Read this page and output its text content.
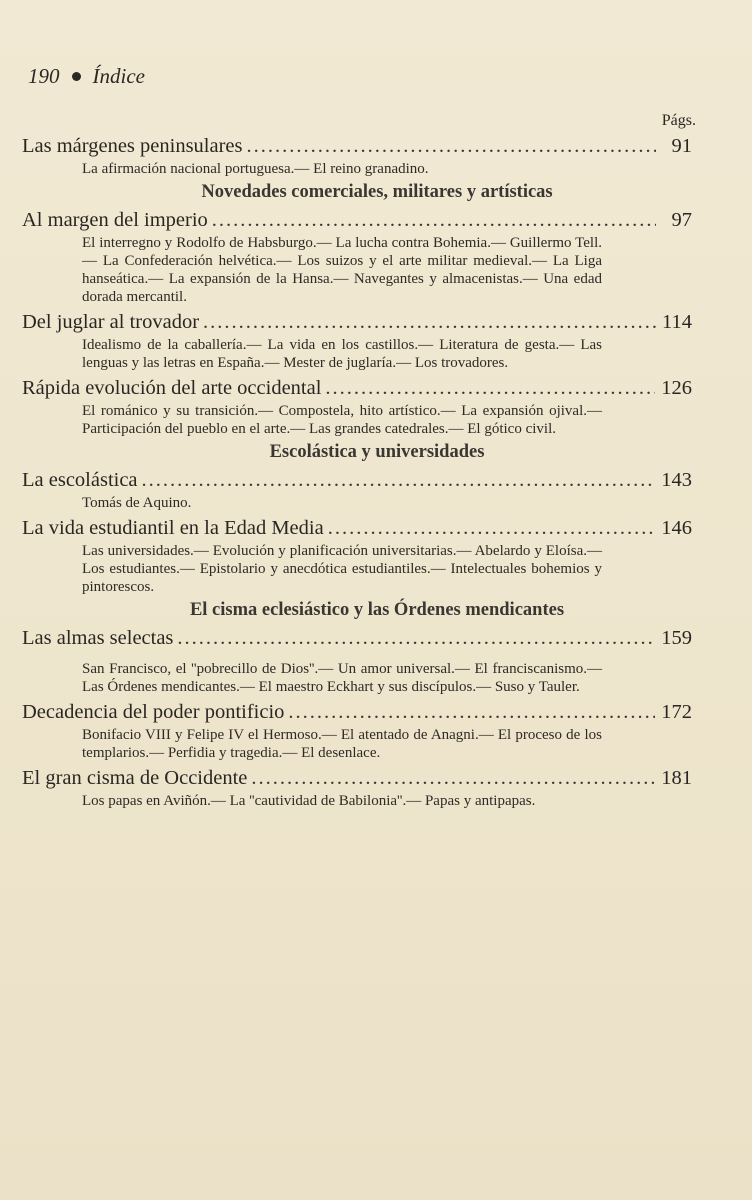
190 Índice
Págs.
Las márgenes peninsulares .....	91
La afirmación nacional portuguesa.— El reino granadino.
Novedades comerciales, militares y artísticas
Al margen del imperio .....	97
El interregno y Rodolfo de Habsburgo.— La lucha contra Bohemia.— Guillermo Tell.— La Confederación helvética.— Los suizos y el arte militar medieval.— La Liga hanseática.— La expansión de la Hansa.— Navegantes y almacenistas.— Una edad dorada mercantil.
Del juglar al trovador .....	114
Idealismo de la caballería.— La vida en los castillos.— Literatura de gesta.— Las lenguas y las letras en España.— Mester de juglaría.— Los trovadores.
Rápida evolución del arte occidental .....	126
El románico y su transición.— Compostela, hito artístico.— La expansión ojival.— Participación del pueblo en el arte.— Las grandes catedrales.— El gótico civil.
Escolástica y universidades
La escolástica .....	143
Tomás de Aquino.
La vida estudiantil en la Edad Media .....	146
Las universidades.— Evolución y planificación universitarias.— Abelardo y Eloísa.— Los estudiantes.— Epistolario y anecdótica estudiantiles.— Intelectuales bohemios y pintorescos.
El cisma eclesiástico y las Órdenes mendicantes
Las almas selectas .....	159
San Francisco, el ''pobrecillo de Dios''.— Un amor universal.— El franciscanismo.— Las Órdenes mendicantes.— El maestro Eckhart y sus discípulos.— Suso y Tauler.
Decadencia del poder pontificio .....	172
Bonifacio VIII y Felipe IV el Hermoso.— El atentado de Anagni.— El proceso de los templarios.— Perfidia y tragedia.— El desenlace.
El gran cisma de Occidente .....	181
Los papas en Aviñón.— La ''cautividad de Babilonia''.— Papas y antipapas.
